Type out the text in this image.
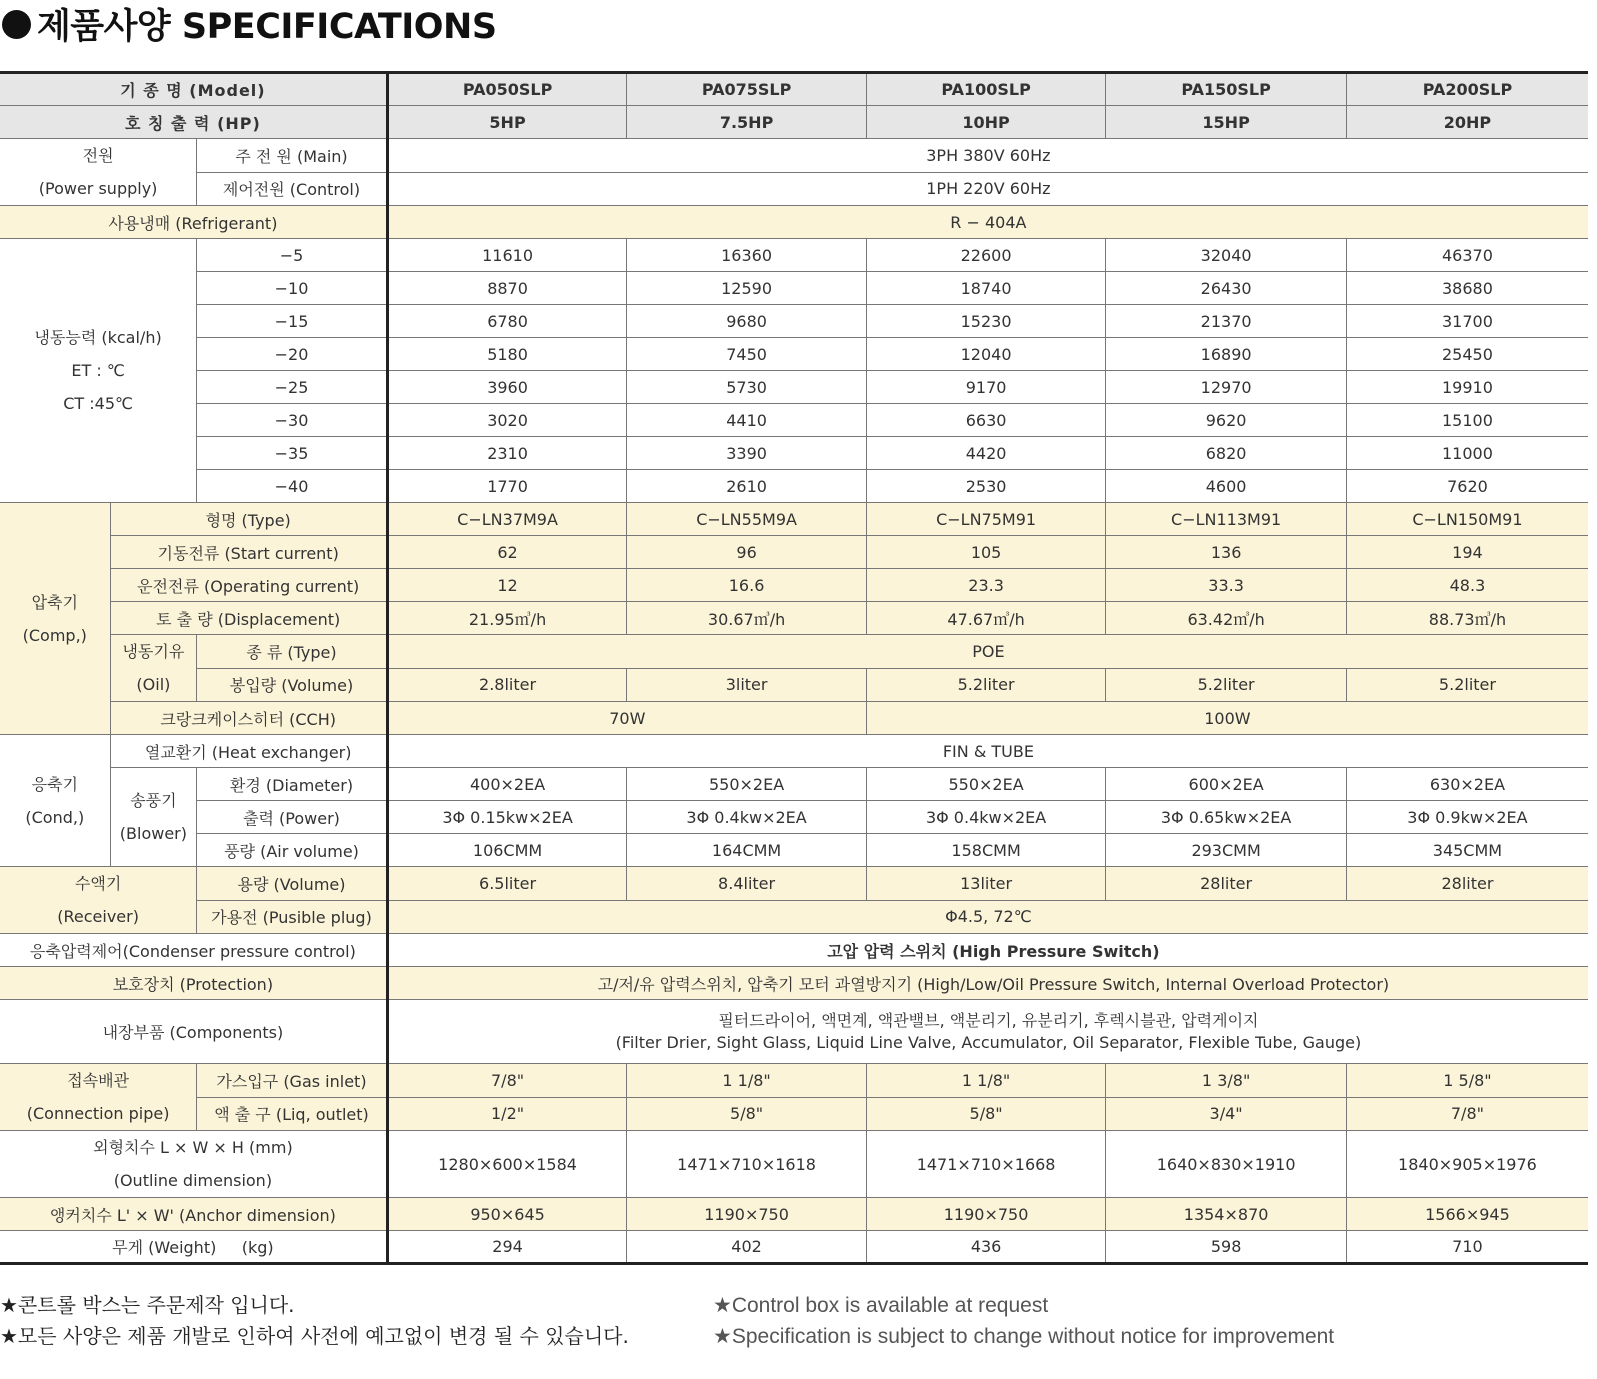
제품사양 SPECIFICATIONS
기 종 명 (Model)			PA050SLP	PA075SLP	PA100SLP	PA150SLP	PA200SLP
호 칭 출 력 (HP)			5HP	7.5HP	10HP	15HP	20HP

전원
(Power supply)		주 전 원 (Main)	3PH 380V 60Hz				
		제어전원 (Control)	1PH 220V 60Hz				
사용냉매 (Refrigerant)			R − 404A				

냉동능력 (kcal/h)
ET : ℃
CT :45℃		−5	11610	16360	22600	32040	46370
		−10	8870	12590	18740	26430	38680
		−15	6780	9680	15230	21370	31700
		−20	5180	7450	12040	16890	25450
		−25	3960	5730	9170	12970	19910
		−30	3020	4410	6630	9620	15100
		−35	2310	3390	4420	6820	11000
		−40	1770	2610	2530	4600	7620

압축기
(Comp,)	형명 (Type)		C−LN37M9A	C−LN55M9A	C−LN75M91	C−LN113M91	C−LN150M91
	기동전류 (Start current)		62	96	105	136	194
	운전전류 (Operating current)		12	16.6	23.3	33.3	48.3
	토 출 량 (Displacement)		21.95㎥/h	30.67㎥/h	47.67㎥/h	63.42㎥/h	88.73㎥/h

	냉동기유
(Oil)	종 류 (Type)	POE				
		봉입량 (Volume)	2.8liter	3liter	5.2liter	5.2liter	5.2liter
	크랑크케이스히터 (CCH)		70W		100W		

응축기
(Cond,)	열교환기 (Heat exchanger)		FIN & TUBE				

	송풍기
(Blower)	환경 (Diameter)	400×2EA	550×2EA	550×2EA	600×2EA	630×2EA
		출력 (Power)	3Φ 0.15kw×2EA	3Φ 0.4kw×2EA	3Φ 0.4kw×2EA	3Φ 0.65kw×2EA	3Φ 0.9kw×2EA
		풍량 (Air volume)	106CMM	164CMM	158CMM	293CMM	345CMM

수액기
(Receiver)		용량 (Volume)	6.5liter	8.4liter	13liter	28liter	28liter
		가용전 (Pusible plug)	Φ4.5, 72℃				
응축압력제어(Condenser pressure control)			고압 압력 스위치 (High Pressure Switch)				
보호장치 (Protection)			고/저/유 압력스위치, 압축기 모터 과열방지기 (High/Low/Oil Pressure Switch, Internal Overload Protector)				
내장부품 (Components)			필터드라이어, 액면계, 액관밸브, 액분리기, 유분리기, 후렉시블관, 압력게이지
(Filter Drier, Sight Glass, Liquid Line Valve, Accumulator, Oil Separator, Flexible Tube, Gauge)				

접속배관
(Connection pipe)		가스입구 (Gas inlet)	7/8"	1 1/8"	1 1/8"	1 3/8"	1 5/8"
		액 출 구 (Liq, outlet)	1/2"	5/8"	5/8"	3/4"	7/8"

외형치수 L × W × H (mm)
(Outline dimension)			1280×600×1584	1471×710×1618	1471×710×1668	1640×830×1910	1840×905×1976
앵커치수 L' × W' (Anchor dimension)			950×645	1190×750	1190×750	1354×870	1566×945
무게 (Weight)     (kg)			294	402	436	598	710
★콘트롤 박스는 주문제작 입니다.
★모든 사양은 제품 개발로 인하여 사전에 예고없이 변경 될 수 있습니다.
★Control box is available at request
★Specification is subject to change without notice for improvement
